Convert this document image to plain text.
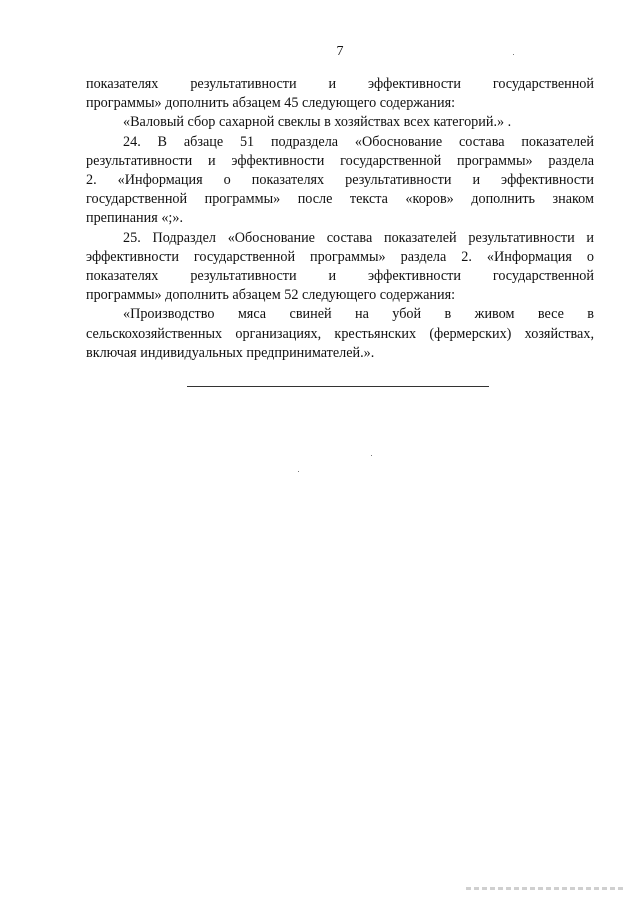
7

показателях результативности и эффективности государственной

программы» дополнить абзацем 45 следующего содержания:

«Валовый сбор сахарной свеклы в хозяйствах всех категорий.» .

24. В абзаце 51 подраздела «Обоснование состава показателей

результативности и эффективности государственной программы» раздела

2. «Информация о показателях результативности и эффективности

государственной программы» после текста «коров» дополнить знаком

препинания «;».

25. Подраздел «Обоснование состава показателей результативности и

эффективности государственной программы» раздела 2. «Информация о

показателях результативности и эффективности государственной

программы» дополнить абзацем 52 следующего содержания:

«Производство мяса свиней на убой в живом весе в

сельскохозяйственных организациях, крестьянских (фермерских) хозяйствах,

включая индивидуальных предпринимателей.».
